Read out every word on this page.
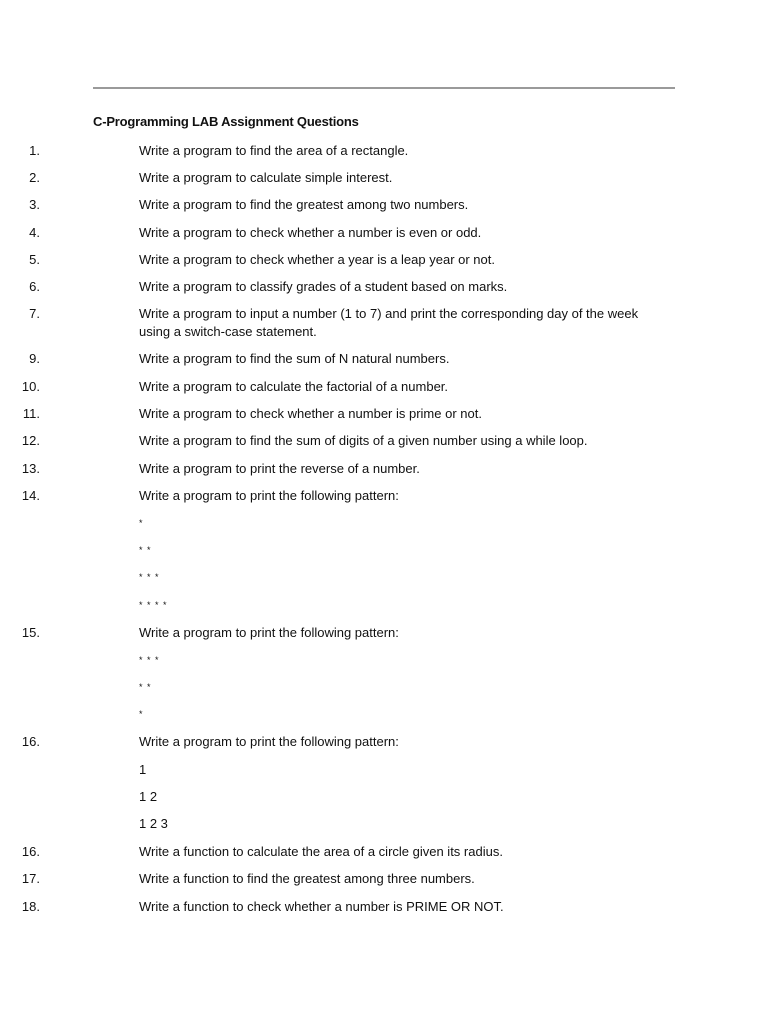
C-Programming LAB Assignment Questions
1.	Write a program to find the area of a rectangle.
2.	Write a program to calculate simple interest.
3.	Write a program to find the greatest among two numbers.
4.	Write a program to check whether a number is even or odd.
5.	Write a program to check whether a year is a leap year or not.
6.	Write a program to classify grades of a student based on marks.
7.	Write a program to input a number (1 to 7) and print the corresponding day of the week using a switch-case statement.
9.	Write a program to find the sum of N natural numbers.
10.	Write a program to calculate the factorial of a number.
11.	Write a program to check whether a number is prime or not.
12.	Write a program to find the sum of digits of a given number using a while loop.
13.	Write a program to print the reverse of a number.
14.	Write a program to print the following pattern:
*
* *
* * *
* * * *
15.	Write a program to print the following pattern:
* * *
* *
*
16.	Write a program to print the following pattern:
1
1 2
1 2 3
16.	Write a function to calculate the area of a circle given its radius.
17.	Write a function to find the greatest among three numbers.
18.	Write a function to check whether a number is PRIME OR NOT.
